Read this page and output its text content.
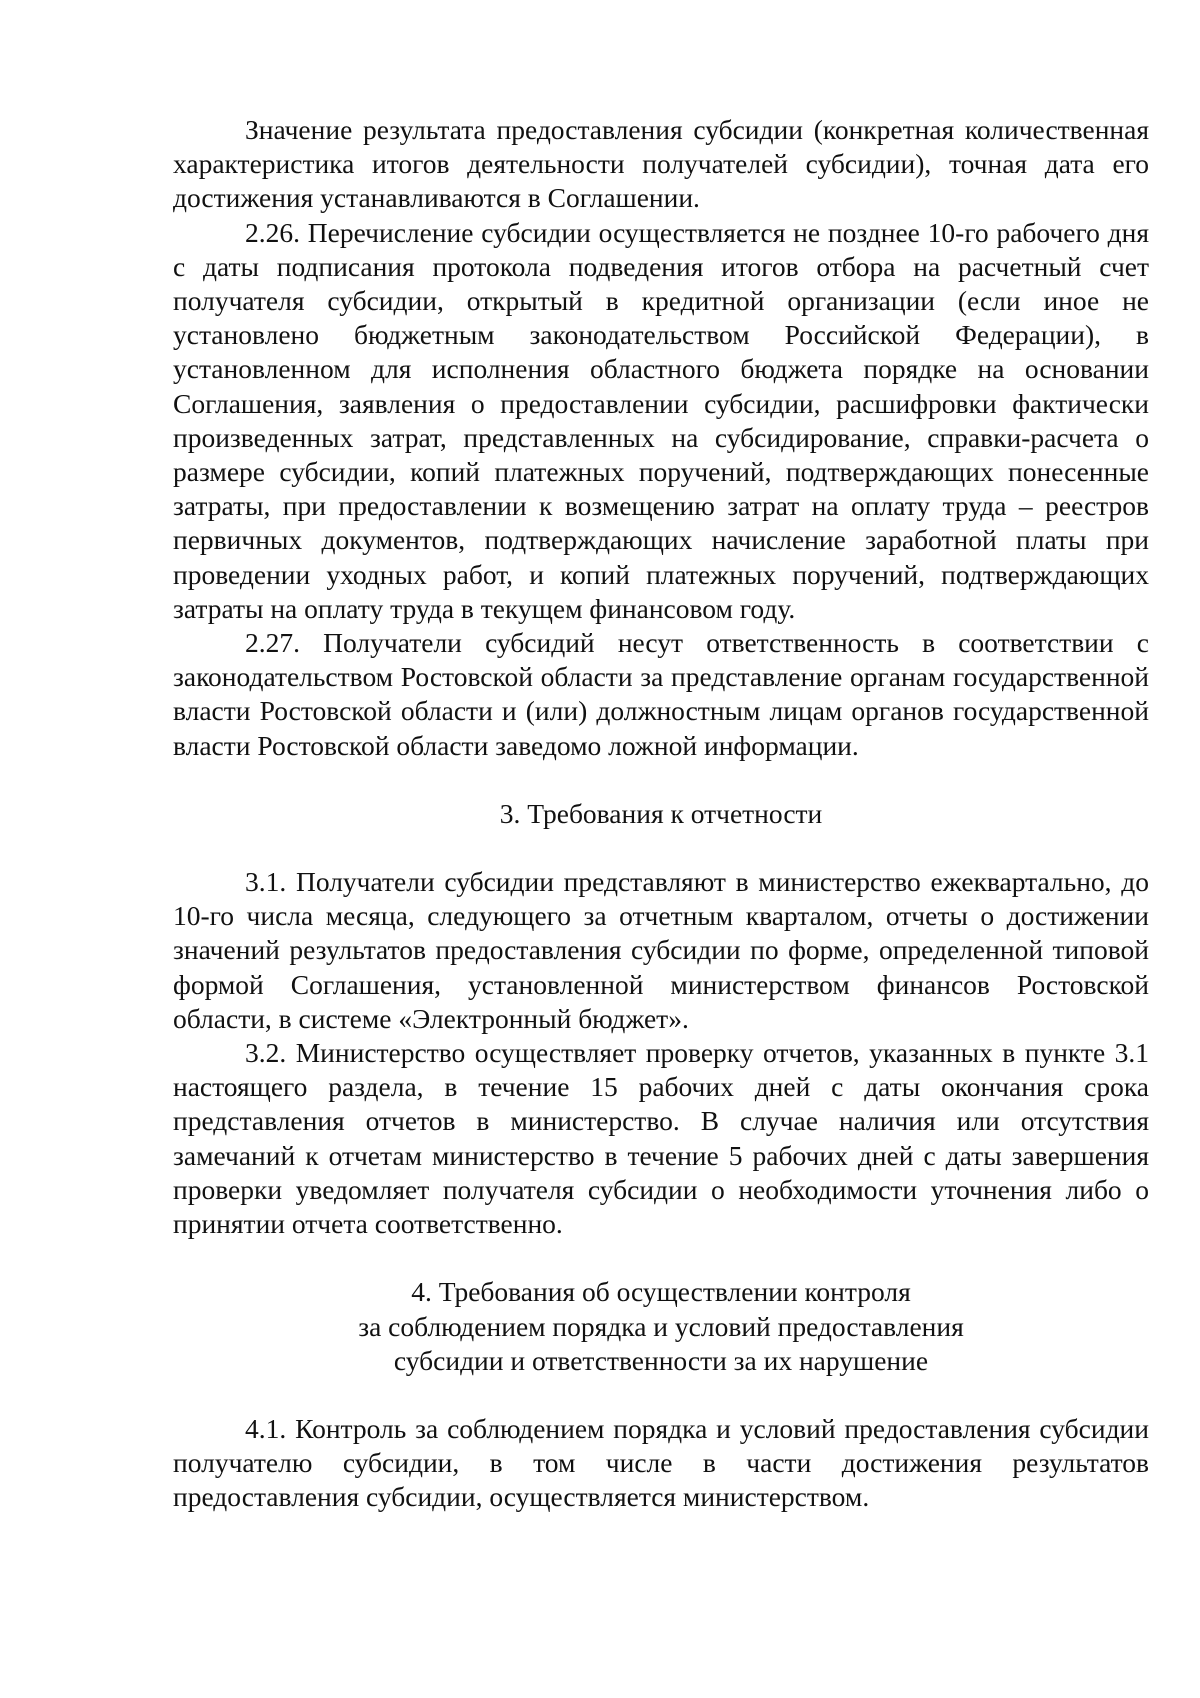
Значение результата предоставления субсидии (конкретная количественная характеристика итогов деятельности получателей субсидии), точная дата его достижения устанавливаются в Соглашении.

2.26. Перечисление субсидии осуществляется не позднее 10-го рабочего дня с даты подписания протокола подведения итогов отбора на расчетный счет получателя субсидии, открытый в кредитной организации (если иное не установлено бюджетным законодательством Российской Федерации), в установленном для исполнения областного бюджета порядке на основании Соглашения, заявления о предоставлении субсидии, расшифровки фактически произведенных затрат, представленных на субсидирование, справки-расчета о размере субсидии, копий платежных поручений, подтверждающих понесенные затраты, при предоставлении к возмещению затрат на оплату труда – реестров первичных документов, подтверждающих начисление заработной платы при проведении уходных работ, и копий платежных поручений, подтверждающих затраты на оплату труда в текущем финансовом году.

2.27. Получатели субсидий несут ответственность в соответствии с законодательством Ростовской области за представление органам государственной власти Ростовской области и (или) должностным лицам органов государственной власти Ростовской области заведомо ложной информации.

3. Требования к отчетности

3.1. Получатели субсидии представляют в министерство ежеквартально, до 10-го числа месяца, следующего за отчетным кварталом, отчеты о достижении значений результатов предоставления субсидии по форме, определенной типовой формой Соглашения, установленной министерством финансов Ростовской области, в системе «Электронный бюджет».

3.2. Министерство осуществляет проверку отчетов, указанных в пункте 3.1 настоящего раздела, в течение 15 рабочих дней с даты окончания срока представления отчетов в министерство. В случае наличия или отсутствия замечаний к отчетам министерство в течение 5 рабочих дней с даты завершения проверки уведомляет получателя субсидии о необходимости уточнения либо о принятии отчета соответственно.

4. Требования об осуществлении контроля
за соблюдением порядка и условий предоставления
субсидии и ответственности за их нарушение

4.1. Контроль за соблюдением порядка и условий предоставления субсидии получателю субсидии, в том числе в части достижения результатов предоставления субсидии, осуществляется министерством.
